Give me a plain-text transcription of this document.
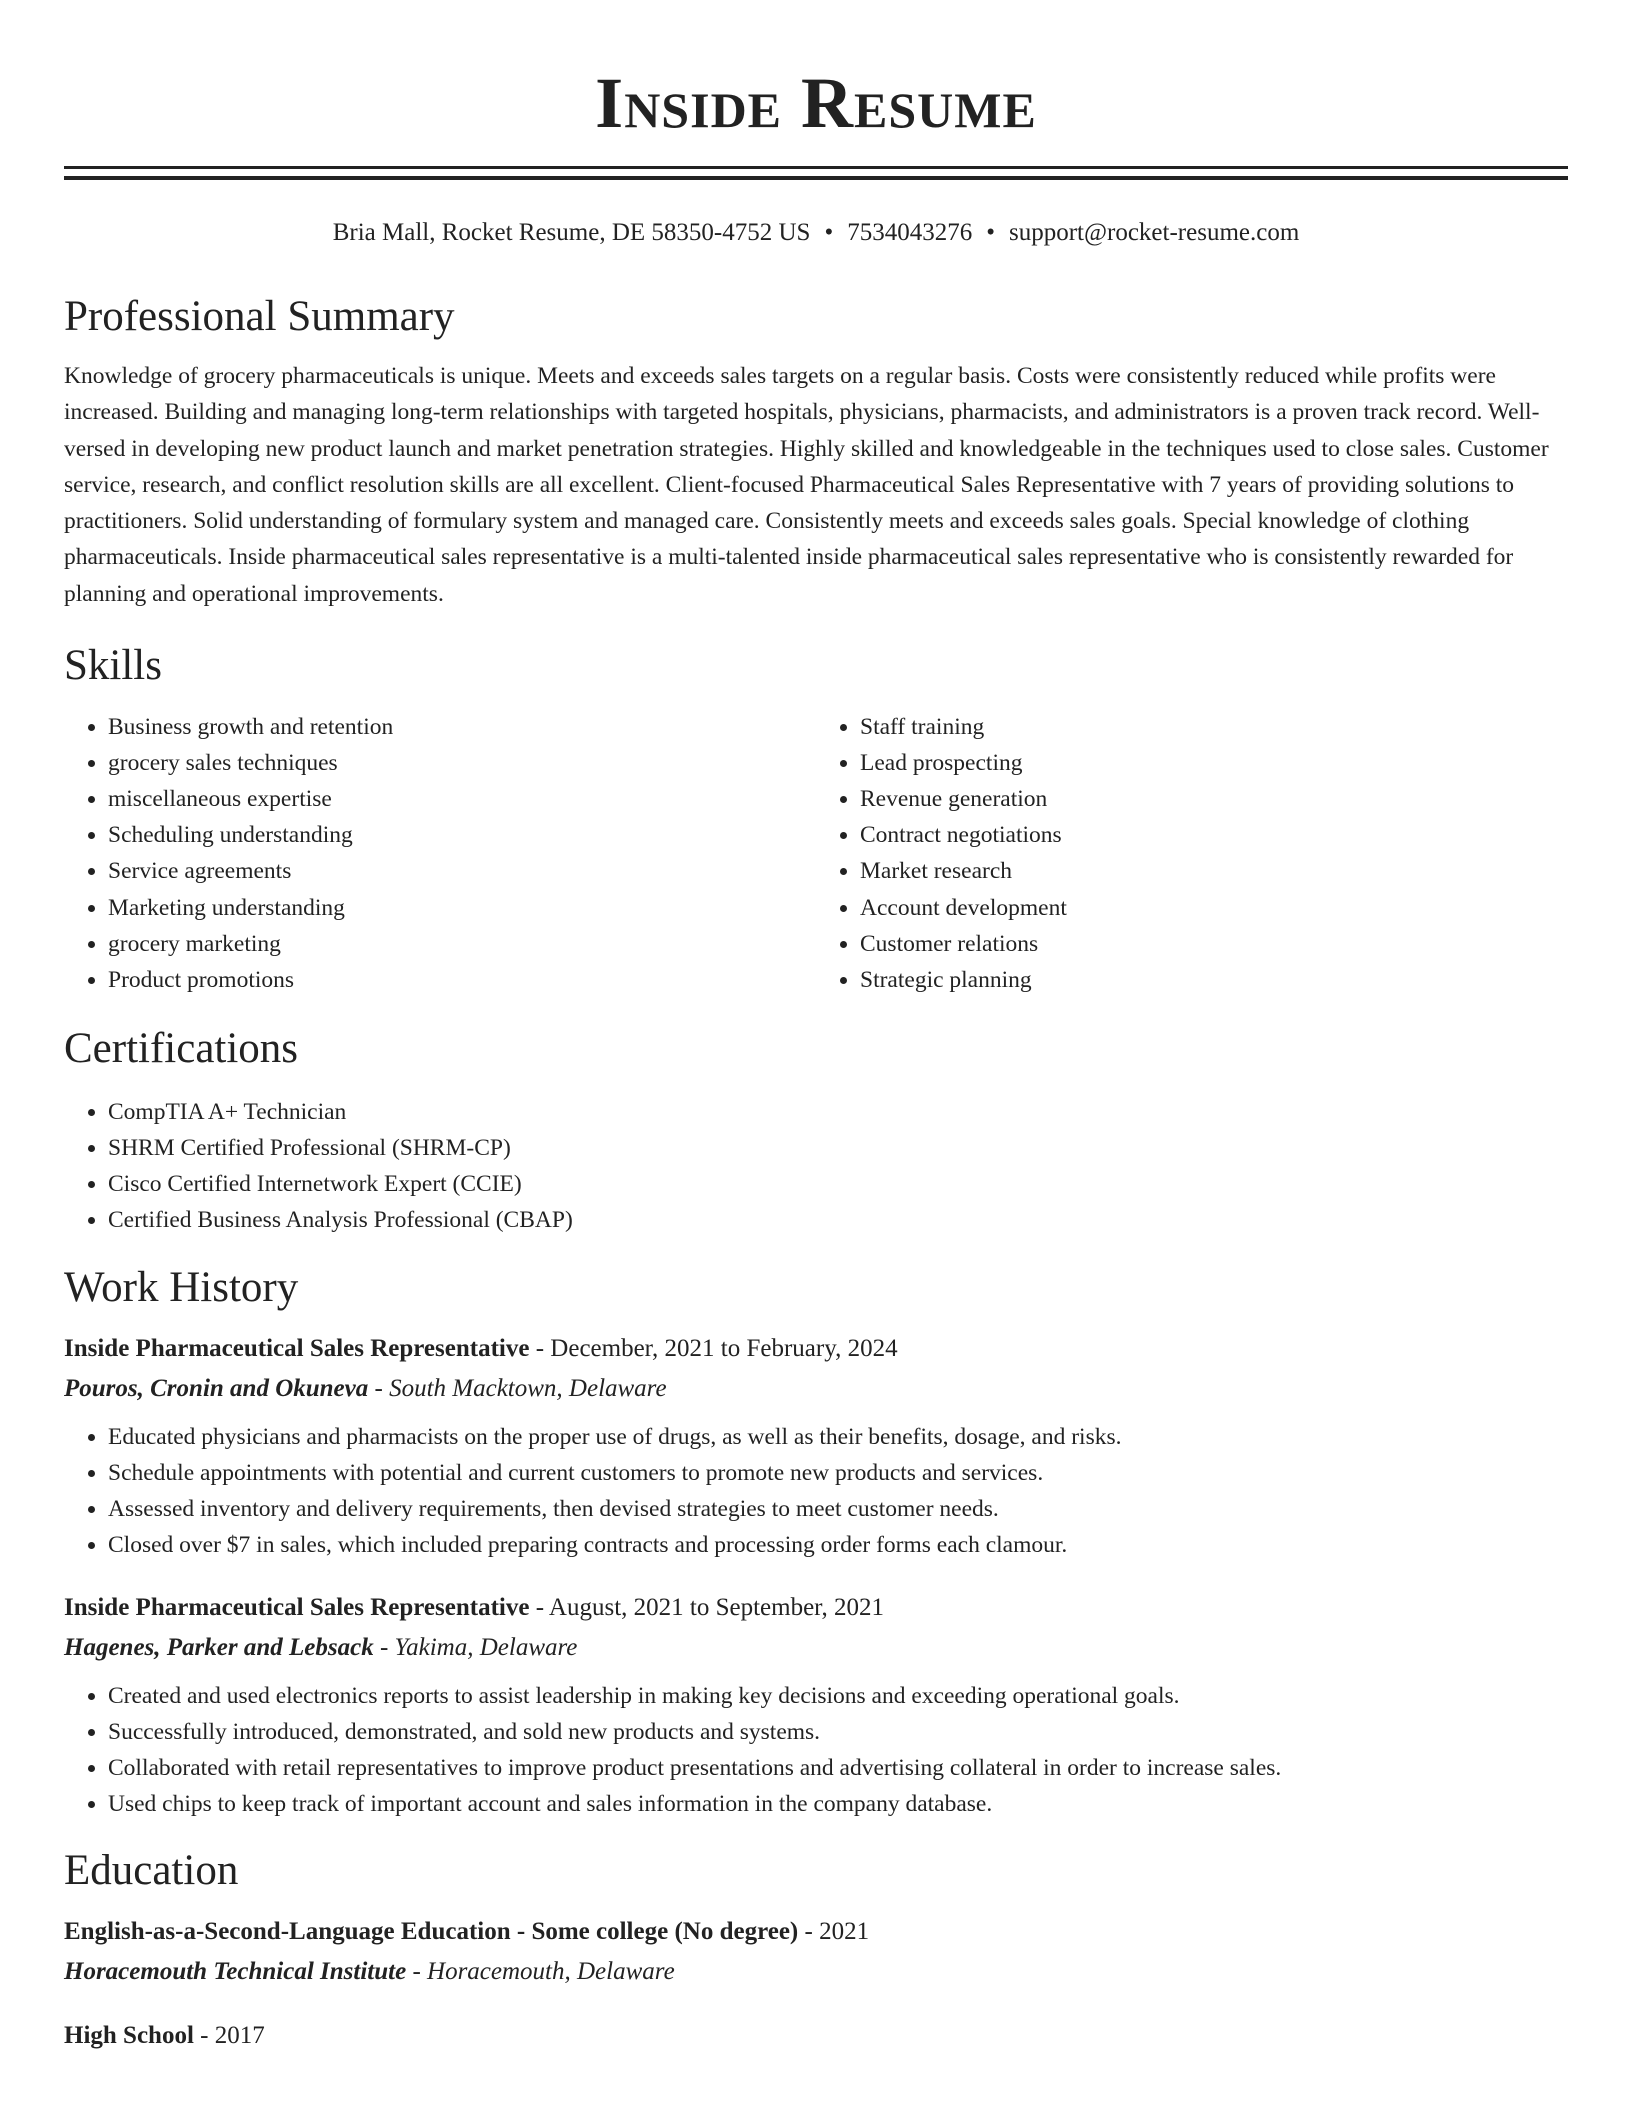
Inside Resume
Bria Mall, Rocket Resume, DE 58350-4752 US • 7534043276 • support@rocket-resume.com
Professional Summary

Knowledge of grocery pharmaceuticals is unique. Meets and exceeds sales targets on a regular basis. Costs were consistently reduced while profits were increased. Building and managing long-term relationships with targeted hospitals, physicians, pharmacists, and administrators is a proven track record. Well-versed in developing new product launch and market penetration strategies. Highly skilled and knowledgeable in the techniques used to close sales. Customer service, research, and conflict resolution skills are all excellent. Client-focused Pharmaceutical Sales Representative with 7 years of providing solutions to practitioners. Solid understanding of formulary system and managed care. Consistently meets and exceeds sales goals. Special knowledge of clothing pharmaceuticals. Inside pharmaceutical sales representative is a multi-talented inside pharmaceutical sales representative who is consistently rewarded for planning and operational improvements.

Skills
• Business growth and retention
• grocery sales techniques
• miscellaneous expertise
• Scheduling understanding
• Service agreements
• Marketing understanding
• grocery marketing
• Product promotions
• Staff training
• Lead prospecting
• Revenue generation
• Contract negotiations
• Market research
• Account development
• Customer relations
• Strategic planning
Certifications
• CompTIA A+ Technician
• SHRM Certified Professional (SHRM-CP)
• Cisco Certified Internetwork Expert (CCIE)
• Certified Business Analysis Professional (CBAP)
Work History
Inside Pharmaceutical Sales Representative - December, 2021 to February, 2024
Pouros, Cronin and Okuneva - South Macktown, Delaware
• Educated physicians and pharmacists on the proper use of drugs, as well as their benefits, dosage, and risks.
• Schedule appointments with potential and current customers to promote new products and services.
• Assessed inventory and delivery requirements, then devised strategies to meet customer needs.
• Closed over $7 in sales, which included preparing contracts and processing order forms each clamour.
Inside Pharmaceutical Sales Representative - August, 2021 to September, 2021
Hagenes, Parker and Lebsack - Yakima, Delaware
• Created and used electronics reports to assist leadership in making key decisions and exceeding operational goals.
• Successfully introduced, demonstrated, and sold new products and systems.
• Collaborated with retail representatives to improve product presentations and advertising collateral in order to increase sales.
• Used chips to keep track of important account and sales information in the company database.
Education
English-as-a-Second-Language Education - Some college (No degree) - 2021
Horacemouth Technical Institute - Horacemouth, Delaware
High School - 2017
